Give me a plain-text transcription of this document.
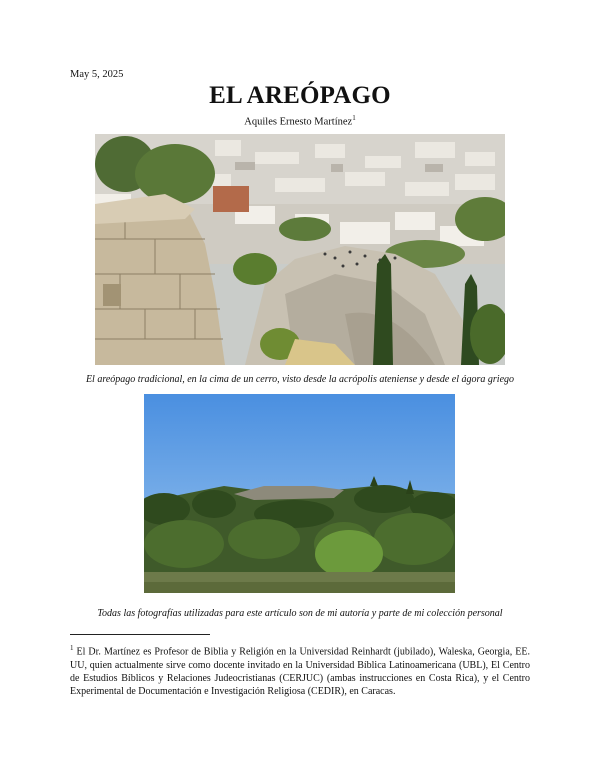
May 5, 2025
EL AREÓPAGO
Aquiles Ernesto Martínez$^1$
El areópago tradicional, en la cima de un cerro, visto desde la acrópolis ateniense y desde el ágora griego
Todas las fotografías utilizadas para este artículo son de mi autoría y parte de mi colección personal
$^1$ El Dr. Martínez es Profesor de Biblia y Religión en la Universidad Reinhardt (jubilado), Waleska, Georgia, EE. UU, quien actualmente sirve como docente invitado en la Universidad Bíblica Latinoamericana (UBL), El Centro de Estudios Bíblicos y Relaciones Judeocristianas (CERJUC) (ambas instrucciones en Costa Rica), y el Centro Experimental de Documentación e Investigación Religiosa (CEDIR), en Caracas.
